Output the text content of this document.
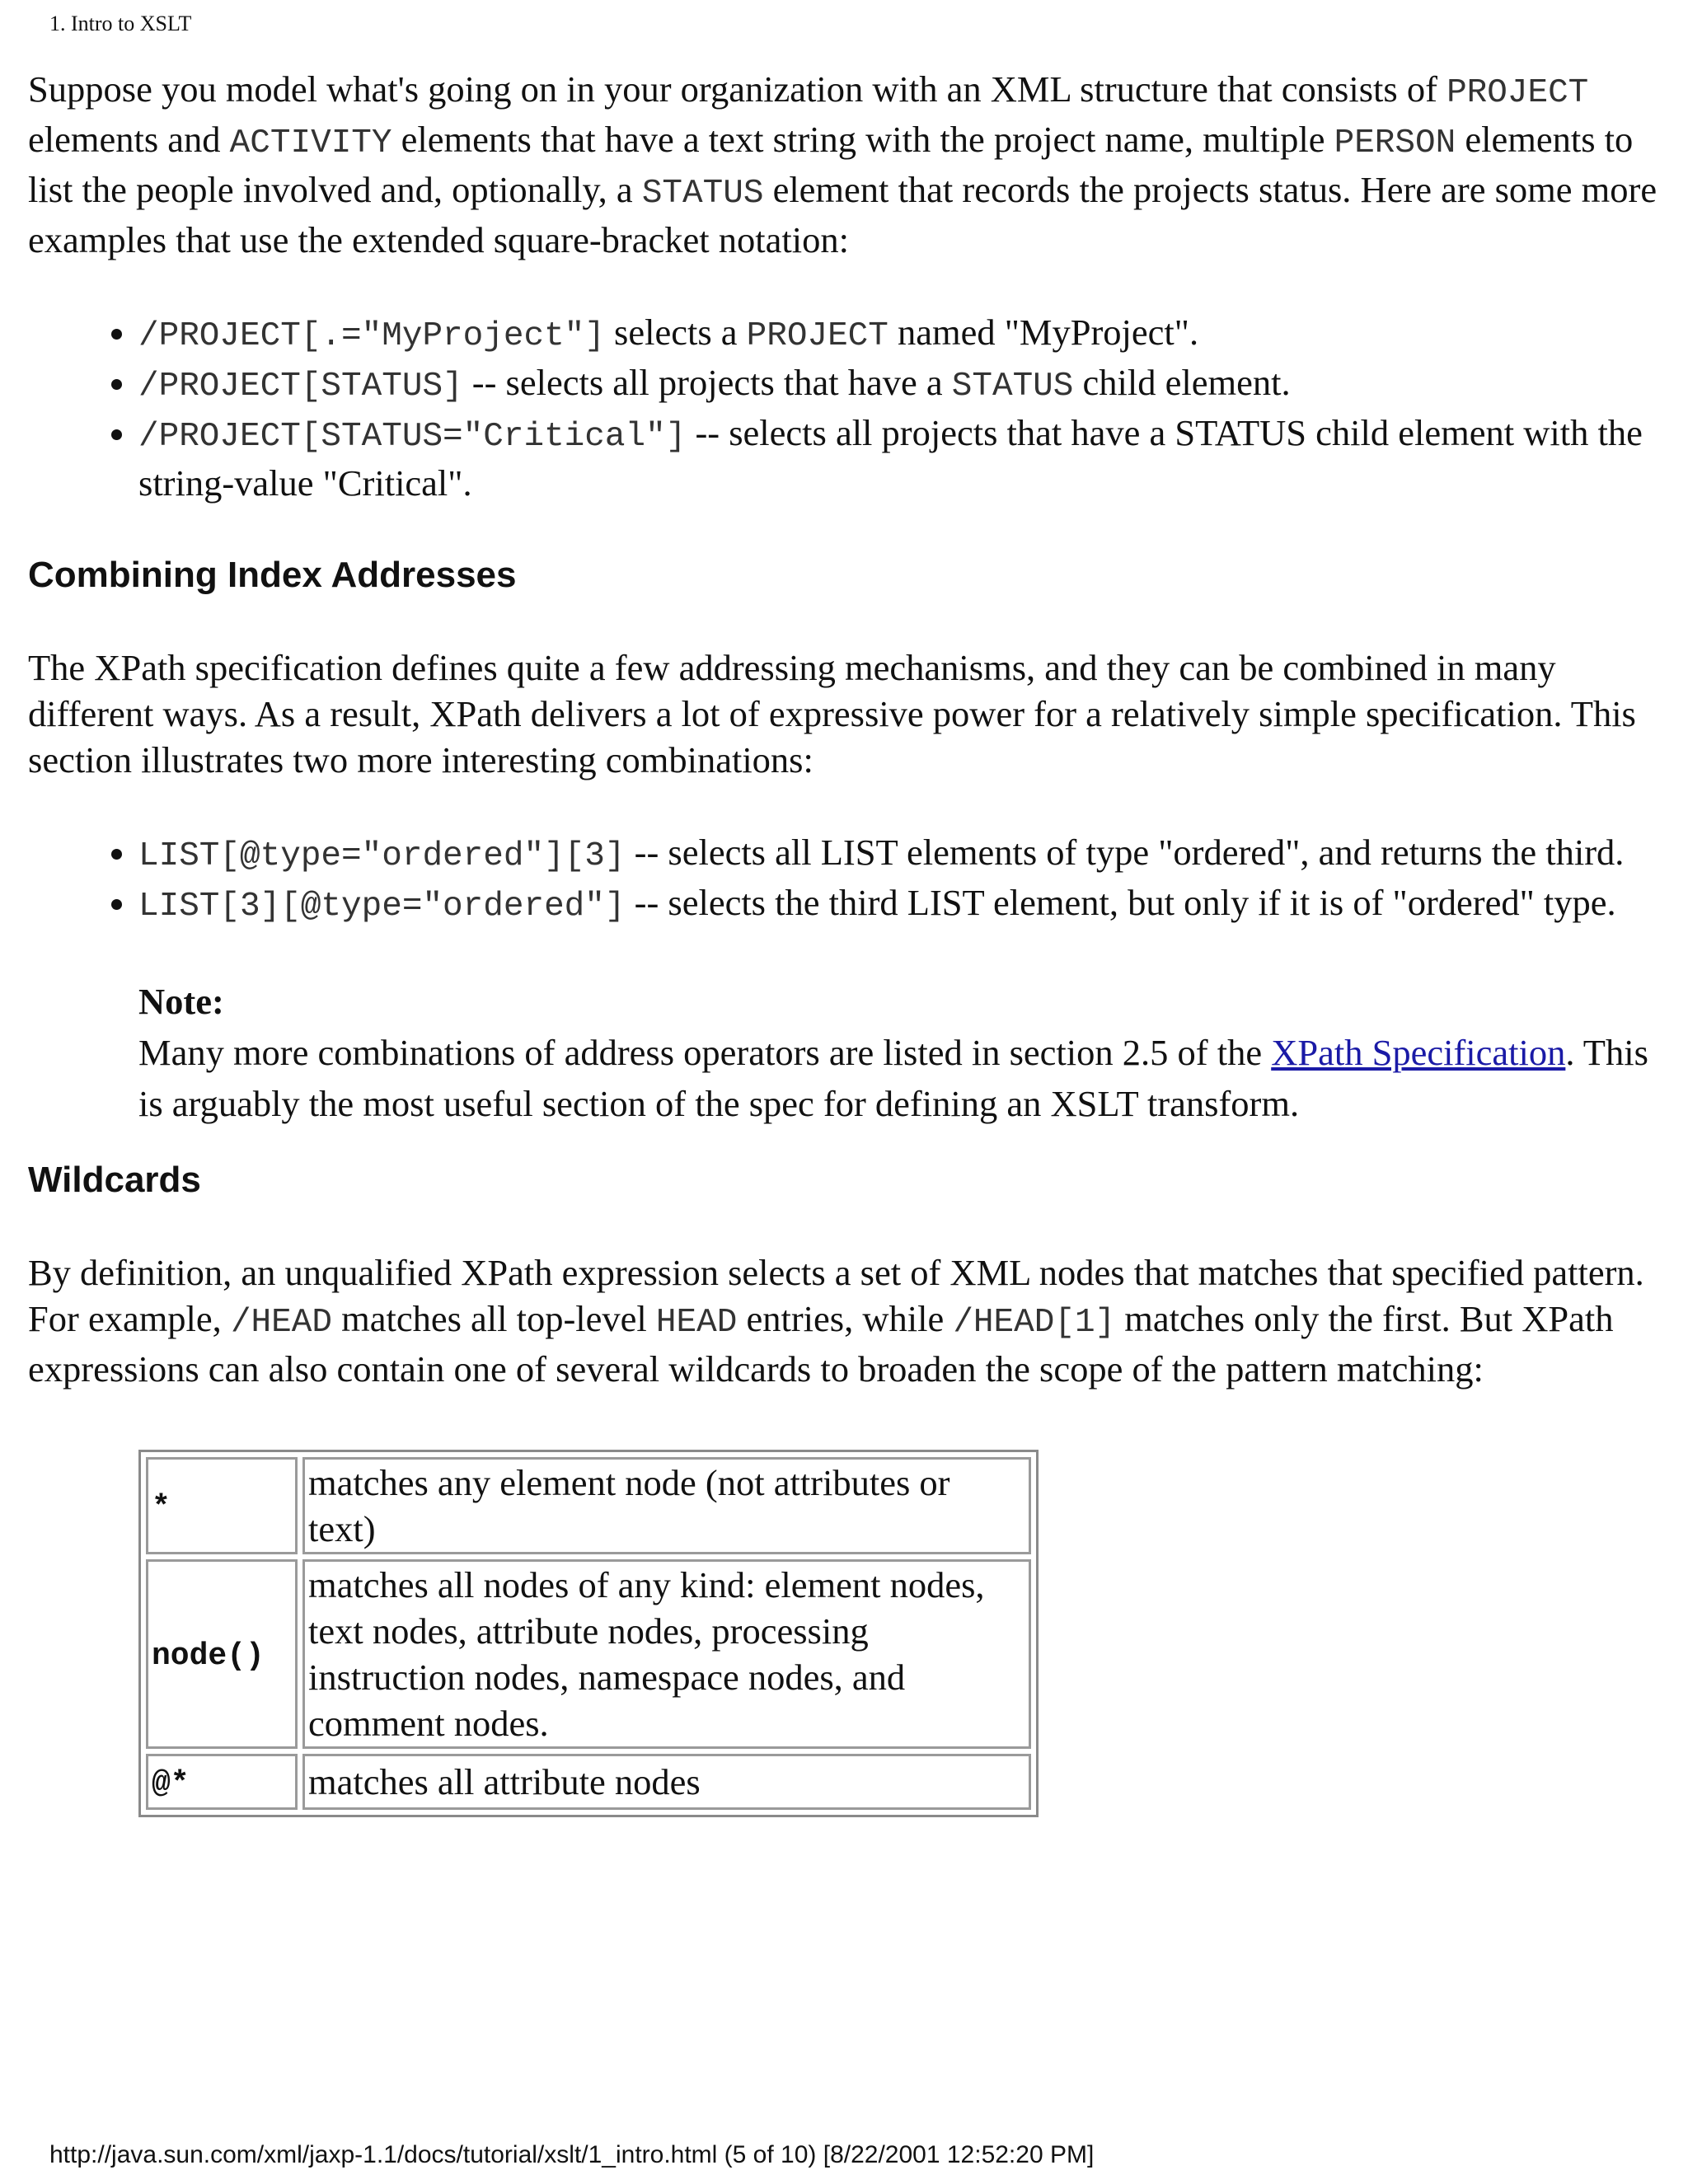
1. Intro to XSLT

Suppose you model what's going on in your organization with an XML structure that consists of PROJECT elements and ACTIVITY elements that have a text string with the project name, multiple PERSON elements to list the people involved and, optionally, a STATUS element that records the projects status. Here are some more examples that use the extended square-bracket notation:

• /PROJECT[.="MyProject"] selects a PROJECT named "MyProject".
• /PROJECT[STATUS] -- selects all projects that have a STATUS child element.
• /PROJECT[STATUS="Critical"] -- selects all projects that have a STATUS child element with the string-value "Critical".
Combining Index Addresses

The XPath specification defines quite a few addressing mechanisms, and they can be combined in many different ways. As a result, XPath delivers a lot of expressive power for a relatively simple specification. This section illustrates two more interesting combinations:

• LIST[@type="ordered"][3] -- selects all LIST elements of type "ordered", and returns the third.
• LIST[3][@type="ordered"] -- selects the third LIST element, but only if it is of "ordered" type.
Note:
Many more combinations of address operators are listed in section 2.5 of the XPath Specification. This is arguably the most useful section of the spec for defining an XSLT transform.
Wildcards

By definition, an unqualified XPath expression selects a set of XML nodes that matches that specified pattern. For example, /HEAD matches all top-level HEAD entries, while /HEAD[1] matches only the first. But XPath expressions can also contain one of several wildcards to broaden the scope of the pattern matching:

*	matches any element node (not attributes or text)
node()	matches all nodes of any kind: element nodes, text nodes, attribute nodes, processing instruction nodes, namespace nodes, and comment nodes.
@*	matches all attribute nodes
http://java.sun.com/xml/jaxp-1.1/docs/tutorial/xslt/1_intro.html (5 of 10) [8/22/2001 12:52:20 PM]
